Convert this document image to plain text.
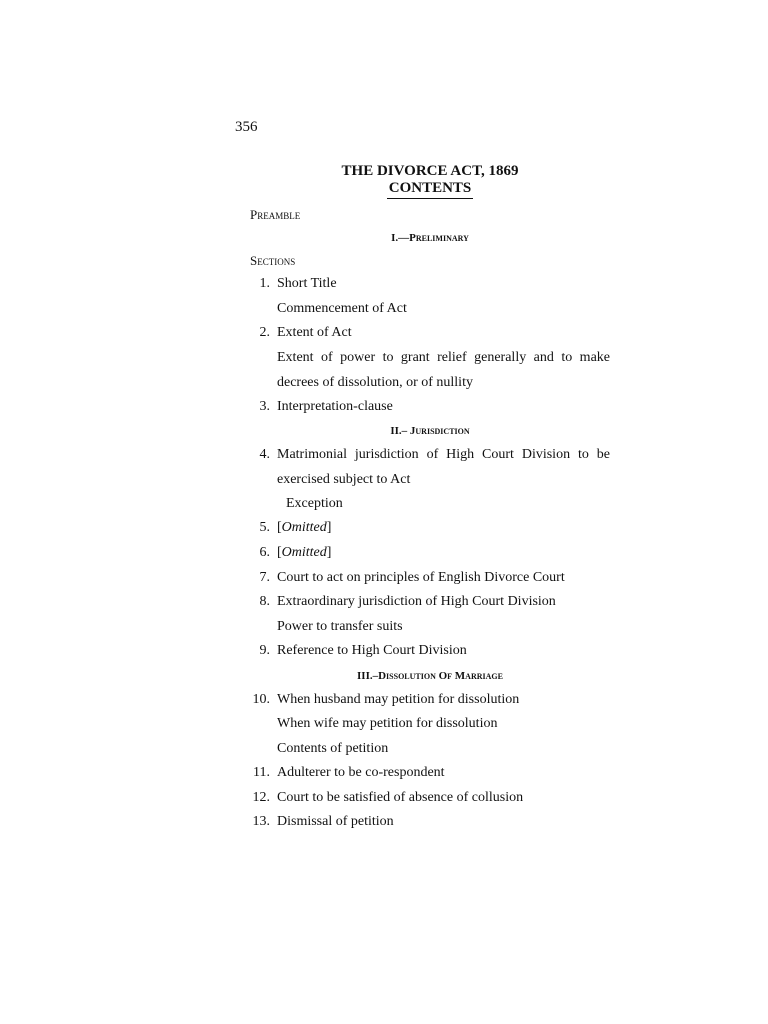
356
THE DIVORCE ACT, 1869
CONTENTS
Preamble
I.—Preliminary
Sections
1. Short Title
Commencement of Act
2. Extent of Act
Extent of power to grant relief generally and to make decrees of dissolution, or of nullity
3. Interpretation-clause
II.– Jurisdiction
4. Matrimonial jurisdiction of High Court Division to be exercised subject to Act
Exception
5. [Omitted]
6. [Omitted]
7. Court to act on principles of English Divorce Court
8. Extraordinary jurisdiction of High Court Division
Power to transfer suits
9. Reference to High Court Division
III.–Dissolution Of Marriage
10. When husband may petition for dissolution
When wife may petition for dissolution
Contents of petition
11. Adulterer to be co-respondent
12. Court to be satisfied of absence of collusion
13. Dismissal of petition
